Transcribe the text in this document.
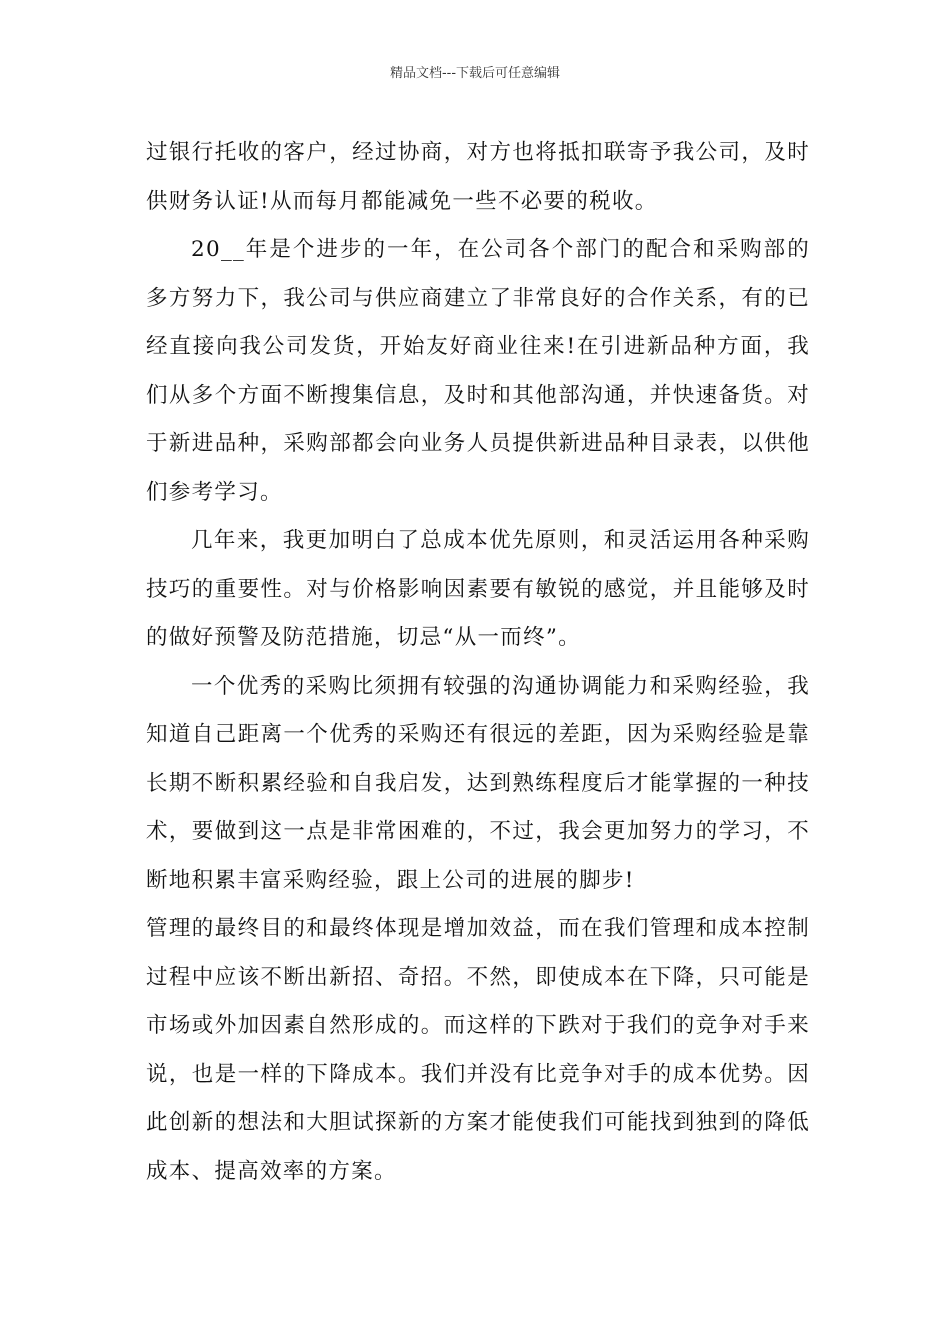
精品文档---下载后可任意编辑

过银行托收的客户，经过协商，对方也将抵扣联寄予我公司，及时供财务认证!从而每月都能减免一些不必要的税收。

20__年是个进步的一年，在公司各个部门的配合和采购部的多方努力下，我公司与供应商建立了非常良好的合作关系，有的已经直接向我公司发货，开始友好商业往来!在引进新品种方面，我们从多个方面不断搜集信息，及时和其他部沟通，并快速备货。对于新进品种，采购部都会向业务人员提供新进品种目录表，以供他们参考学习。

几年来，我更加明白了总成本优先原则，和灵活运用各种采购技巧的重要性。对与价格影响因素要有敏锐的感觉，并且能够及时的做好预警及防范措施，切忌“从一而终”。

一个优秀的采购比须拥有较强的沟通协调能力和采购经验，我知道自己距离一个优秀的采购还有很远的差距，因为采购经验是靠长期不断积累经验和自我启发，达到熟练程度后才能掌握的一种技术，要做到这一点是非常困难的，不过，我会更加努力的学习，不断地积累丰富采购经验，跟上公司的进展的脚步!

管理的最终目的和最终体现是增加效益，而在我们管理和成本控制过程中应该不断出新招、奇招。不然，即使成本在下降，只可能是市场或外加因素自然形成的。而这样的下跌对于我们的竞争对手来说，也是一样的下降成本。我们并没有比竞争对手的成本优势。因此创新的想法和大胆试探新的方案才能使我们可能找到独到的降低成本、提高效率的方案。
